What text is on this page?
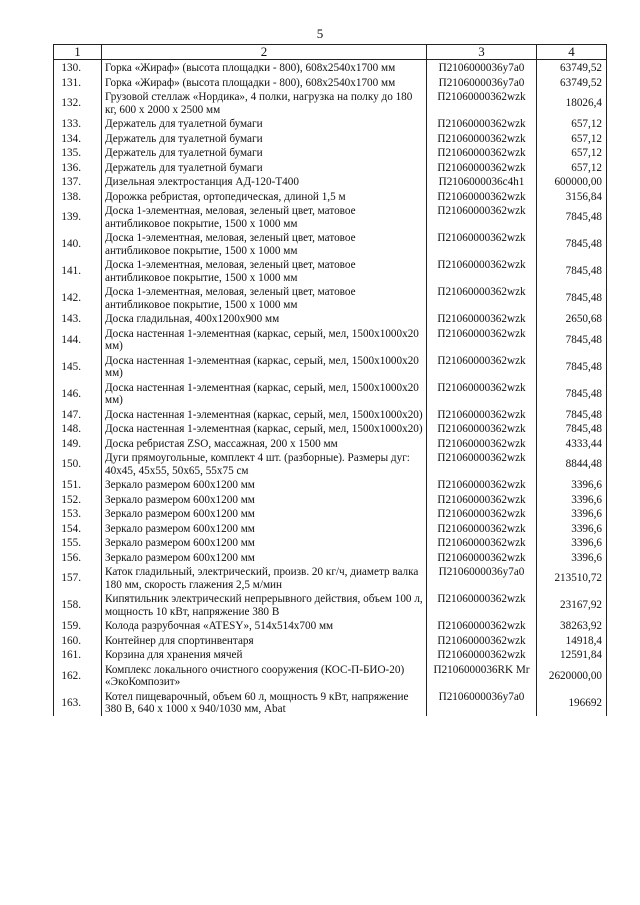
5
1	2	3	4
130.	Горка «Жираф» (высота площадки - 800), 608х2540х1700 мм	П2106000036у7а0	63749,52
131.	Горка «Жираф» (высота площадки - 800), 608х2540х1700 мм	П2106000036у7а0	63749,52
132.	Грузовой стеллаж «Нордика», 4 полки, нагрузка на полку до 180 кг, 600 х 2000 х 2500 мм	П21060000362wzk	18026,4
133.	Держатель для туалетной бумаги	П21060000362wzk	657,12
134.	Держатель для туалетной бумаги	П21060000362wzk	657,12
135.	Держатель для туалетной бумаги	П21060000362wzk	657,12
136.	Держатель для туалетной бумаги	П21060000362wzk	657,12
137.	Дизельная электростанция АД-120-Т400	П2106000036с4h1	600000,00
138.	Дорожка ребристая, ортопедическая, длиной 1,5 м	П21060000362wzk	3156,84
139.	Доска 1-элементная, меловая, зеленый цвет, матовое антибликовое покрытие, 1500 х 1000 мм	П21060000362wzk	7845,48
140.	Доска 1-элементная, меловая, зеленый цвет, матовое антибликовое покрытие, 1500 х 1000 мм	П21060000362wzk	7845,48
141.	Доска 1-элементная, меловая, зеленый цвет, матовое антибликовое покрытие, 1500 х 1000 мм	П21060000362wzk	7845,48
142.	Доска 1-элементная, меловая, зеленый цвет, матовое антибликовое покрытие, 1500 х 1000 мм	П21060000362wzk	7845,48
143.	Доска гладильная, 400х1200х900 мм	П21060000362wzk	2650,68
144.	Доска настенная 1-элементная (каркас, серый, мел, 1500х1000х20 мм)	П21060000362wzk	7845,48
145.	Доска настенная 1-элементная (каркас, серый, мел, 1500х1000х20 мм)	П21060000362wzk	7845,48
146.	Доска настенная 1-элементная (каркас, серый, мел, 1500х1000х20 мм)	П21060000362wzk	7845,48
147.	Доска настенная 1-элементная (каркас, серый, мел, 1500х1000х20)	П21060000362wzk	7845,48
148.	Доска настенная 1-элементная (каркас, серый, мел, 1500х1000х20)	П21060000362wzk	7845,48
149.	Доска ребристая ZSO, массажная, 200 х 1500 мм	П21060000362wzk	4333,44
150.	Дуги прямоугольные, комплект 4 шт. (разборные). Размеры дуг: 40х45, 45х55, 50х65, 55х75 см	П21060000362wzk	8844,48
151.	Зеркало размером 600х1200 мм	П21060000362wzk	3396,6
152.	Зеркало размером 600х1200 мм	П21060000362wzk	3396,6
153.	Зеркало размером 600х1200 мм	П21060000362wzk	3396,6
154.	Зеркало размером 600х1200 мм	П21060000362wzk	3396,6
155.	Зеркало размером 600х1200 мм	П21060000362wzk	3396,6
156.	Зеркало размером 600х1200 мм	П21060000362wzk	3396,6
157.	Каток гладильный, электрический, произв. 20 кг/ч, диаметр валка 180 мм, скорость глажения 2,5 м/мин	П2106000036у7а0	213510,72
158.	Кипятильник электрический непрерывного действия, объем 100 л, мощность 10 кВт, напряжение 380 В	П21060000362wzk	23167,92
159.	Колода разрубочная «ATESY», 514х514х700 мм	П21060000362wzk	38263,92
160.	Контейнер для спортинвентаря	П21060000362wzk	14918,4
161.	Корзина для хранения мячей	П21060000362wzk	12591,84
162.	Комплекс локального очистного сооружения (КОС-П-БИО-20) «ЭкоКомпозит»	П2106000036RK Mr	2620000,00
163.	Котел пищеварочный, объем 60 л, мощность 9 кВт, напряжение 380 В, 640 х 1000 х 940/1030 мм, Abat	П2106000036у7а0	196692
